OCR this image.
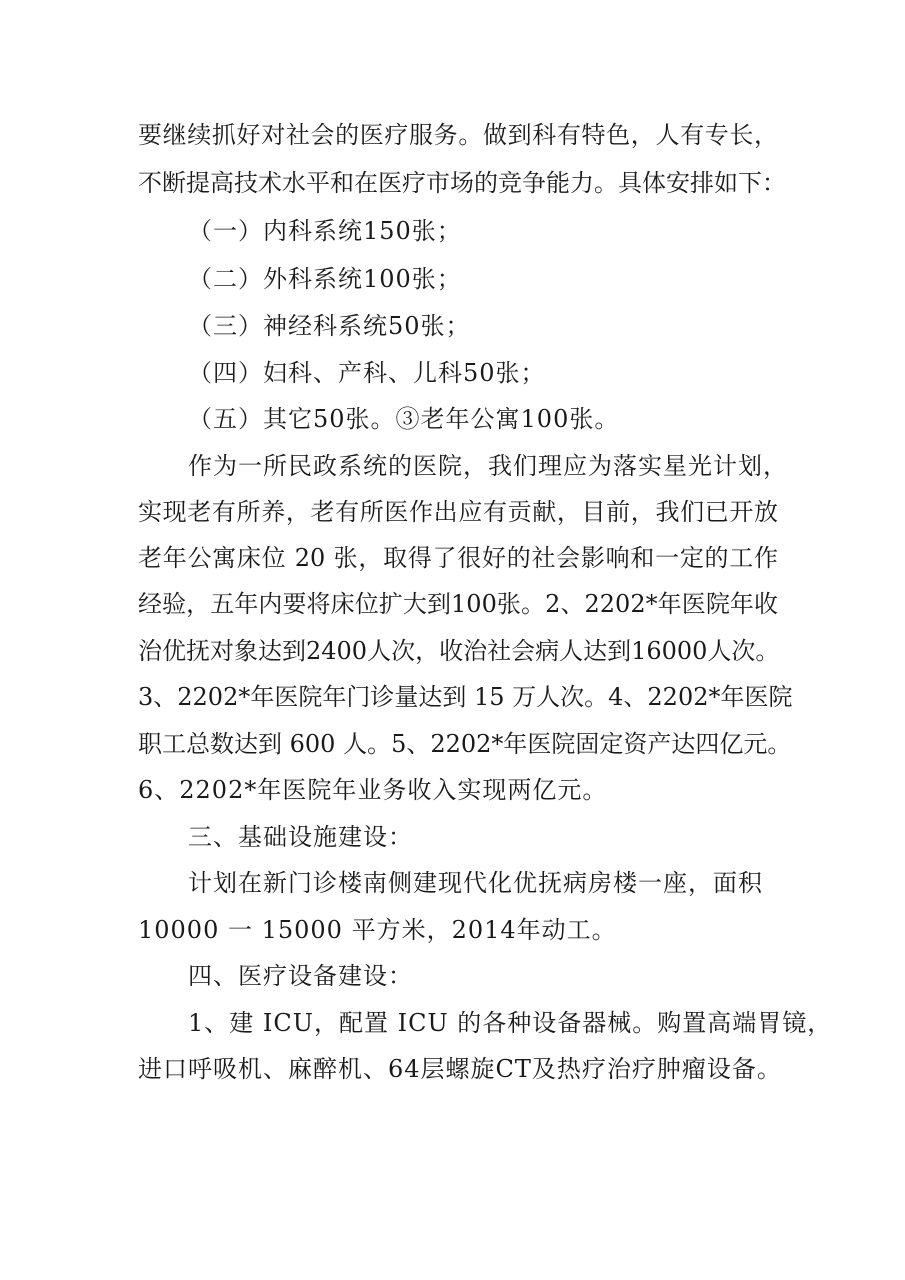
要继续抓好对社会的医疗服务。做到科有特色，人有专长，
不断提高技术水平和在医疗市场的竞争能力。具体安排如下：
（一）内科系统150张；
（二）外科系统100张；
（三）神经科系统50张；
（四）妇科、产科、儿科50张；
（五）其它50张。③老年公寓100张。
作为一所民政系统的医院，我们理应为落实星光计划，
实现老有所养，老有所医作出应有贡献，目前，我们已开放
老年公寓床位 20 张，取得了很好的社会影响和一定的工作
经验，五年内要将床位扩大到100张。2、2202*年医院年收
治优抚对象达到2400人次，收治社会病人达到16000人次。
3、2202*年医院年门诊量达到 15 万人次。4、2202*年医院
职工总数达到 600 人。5、2202*年医院固定资产达四亿元。
6、2202*年医院年业务收入实现两亿元。
三、基础设施建设：
计划在新门诊楼南侧建现代化优抚病房楼一座，面积
10000 一 15000 平方米，2014年动工。
四、医疗设备建设：
1、建 ICU，配置 ICU 的各种设备器械。购置高端胃镜，
进口呼吸机、麻醉机、64层螺旋CT及热疗治疗肿瘤设备。
